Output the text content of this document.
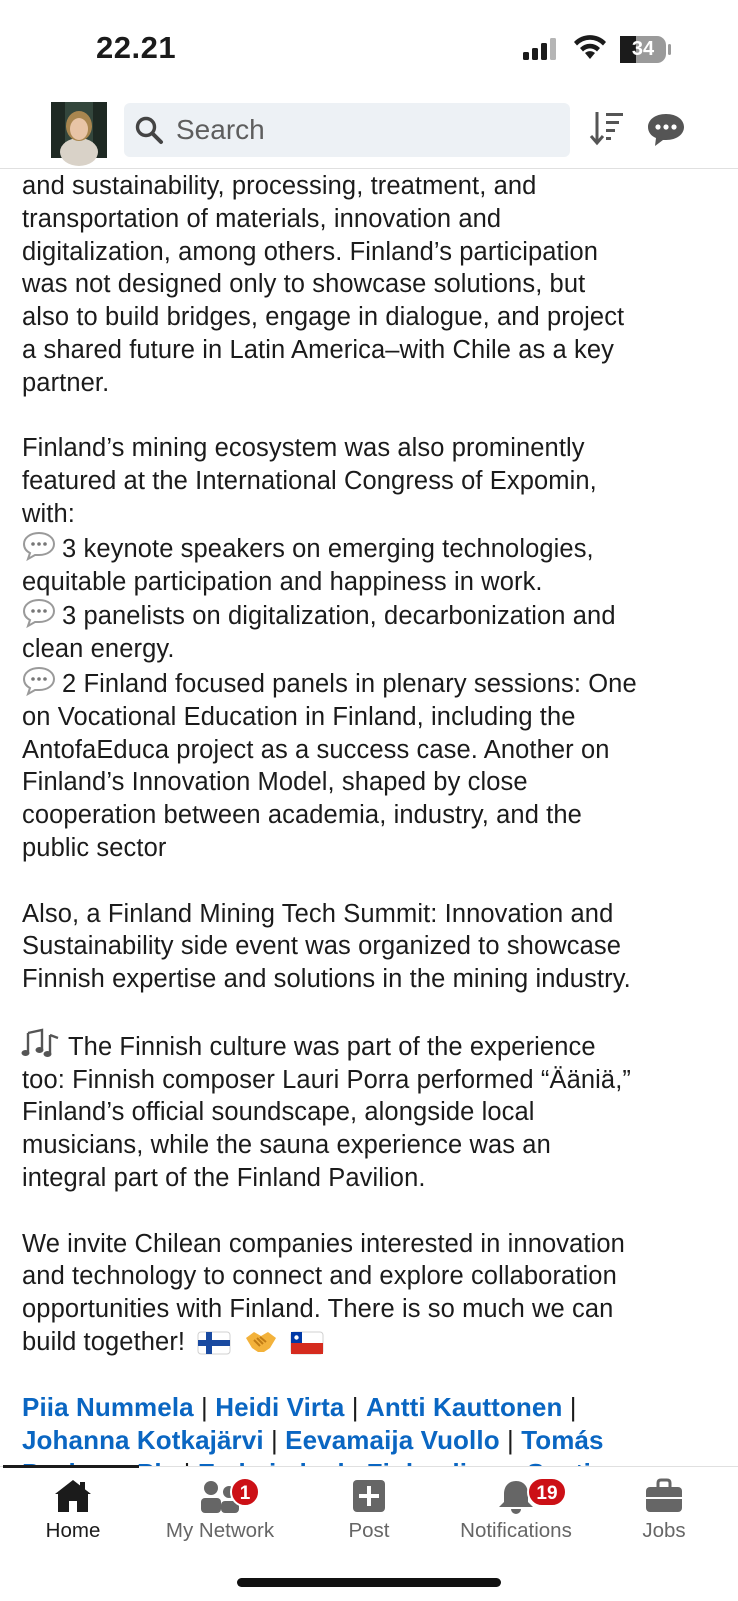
22.21	34
Search
and sustainability, processing, treatment, and
transportation of materials, innovation and
digitalization, among others. Finland’s participation
was not designed only to showcase solutions, but
also to build bridges, engage in dialogue, and project
a shared future in Latin America–with Chile as a key
partner.
Finland’s mining ecosystem was also prominently
featured at the International Congress of Expomin,
with:
3 keynote speakers on emerging technologies,
equitable participation and happiness in work.
3 panelists on digitalization, decarbonization and
clean energy.
2 Finland focused panels in plenary sessions: One
on Vocational Education in Finland, including the
AntofaEduca project as a success case. Another on
Finland’s Innovation Model, shaped by close
cooperation between academia, industry, and the
public sector
Also, a Finland Mining Tech Summit: Innovation and
Sustainability side event was organized to showcase
Finnish expertise and solutions in the mining industry.
The Finnish culture was part of the experience
too: Finnish composer Lauri Porra performed “Ääniä,”
Finland’s official soundscape, alongside local
musicians, while the sauna experience was an
integral part of the Finland Pavilion.
We invite Chilean companies interested in innovation
and technology to connect and explore collaboration
opportunities with Finland. There is so much we can
build together!
Piia Nummela | Heidi Virta | Antti Kauttonen |
Johanna Kotkajärvi | Eevamaija Vuollo | Tomás
Home
1
My Network	Post
19
Notifications	Jobs
